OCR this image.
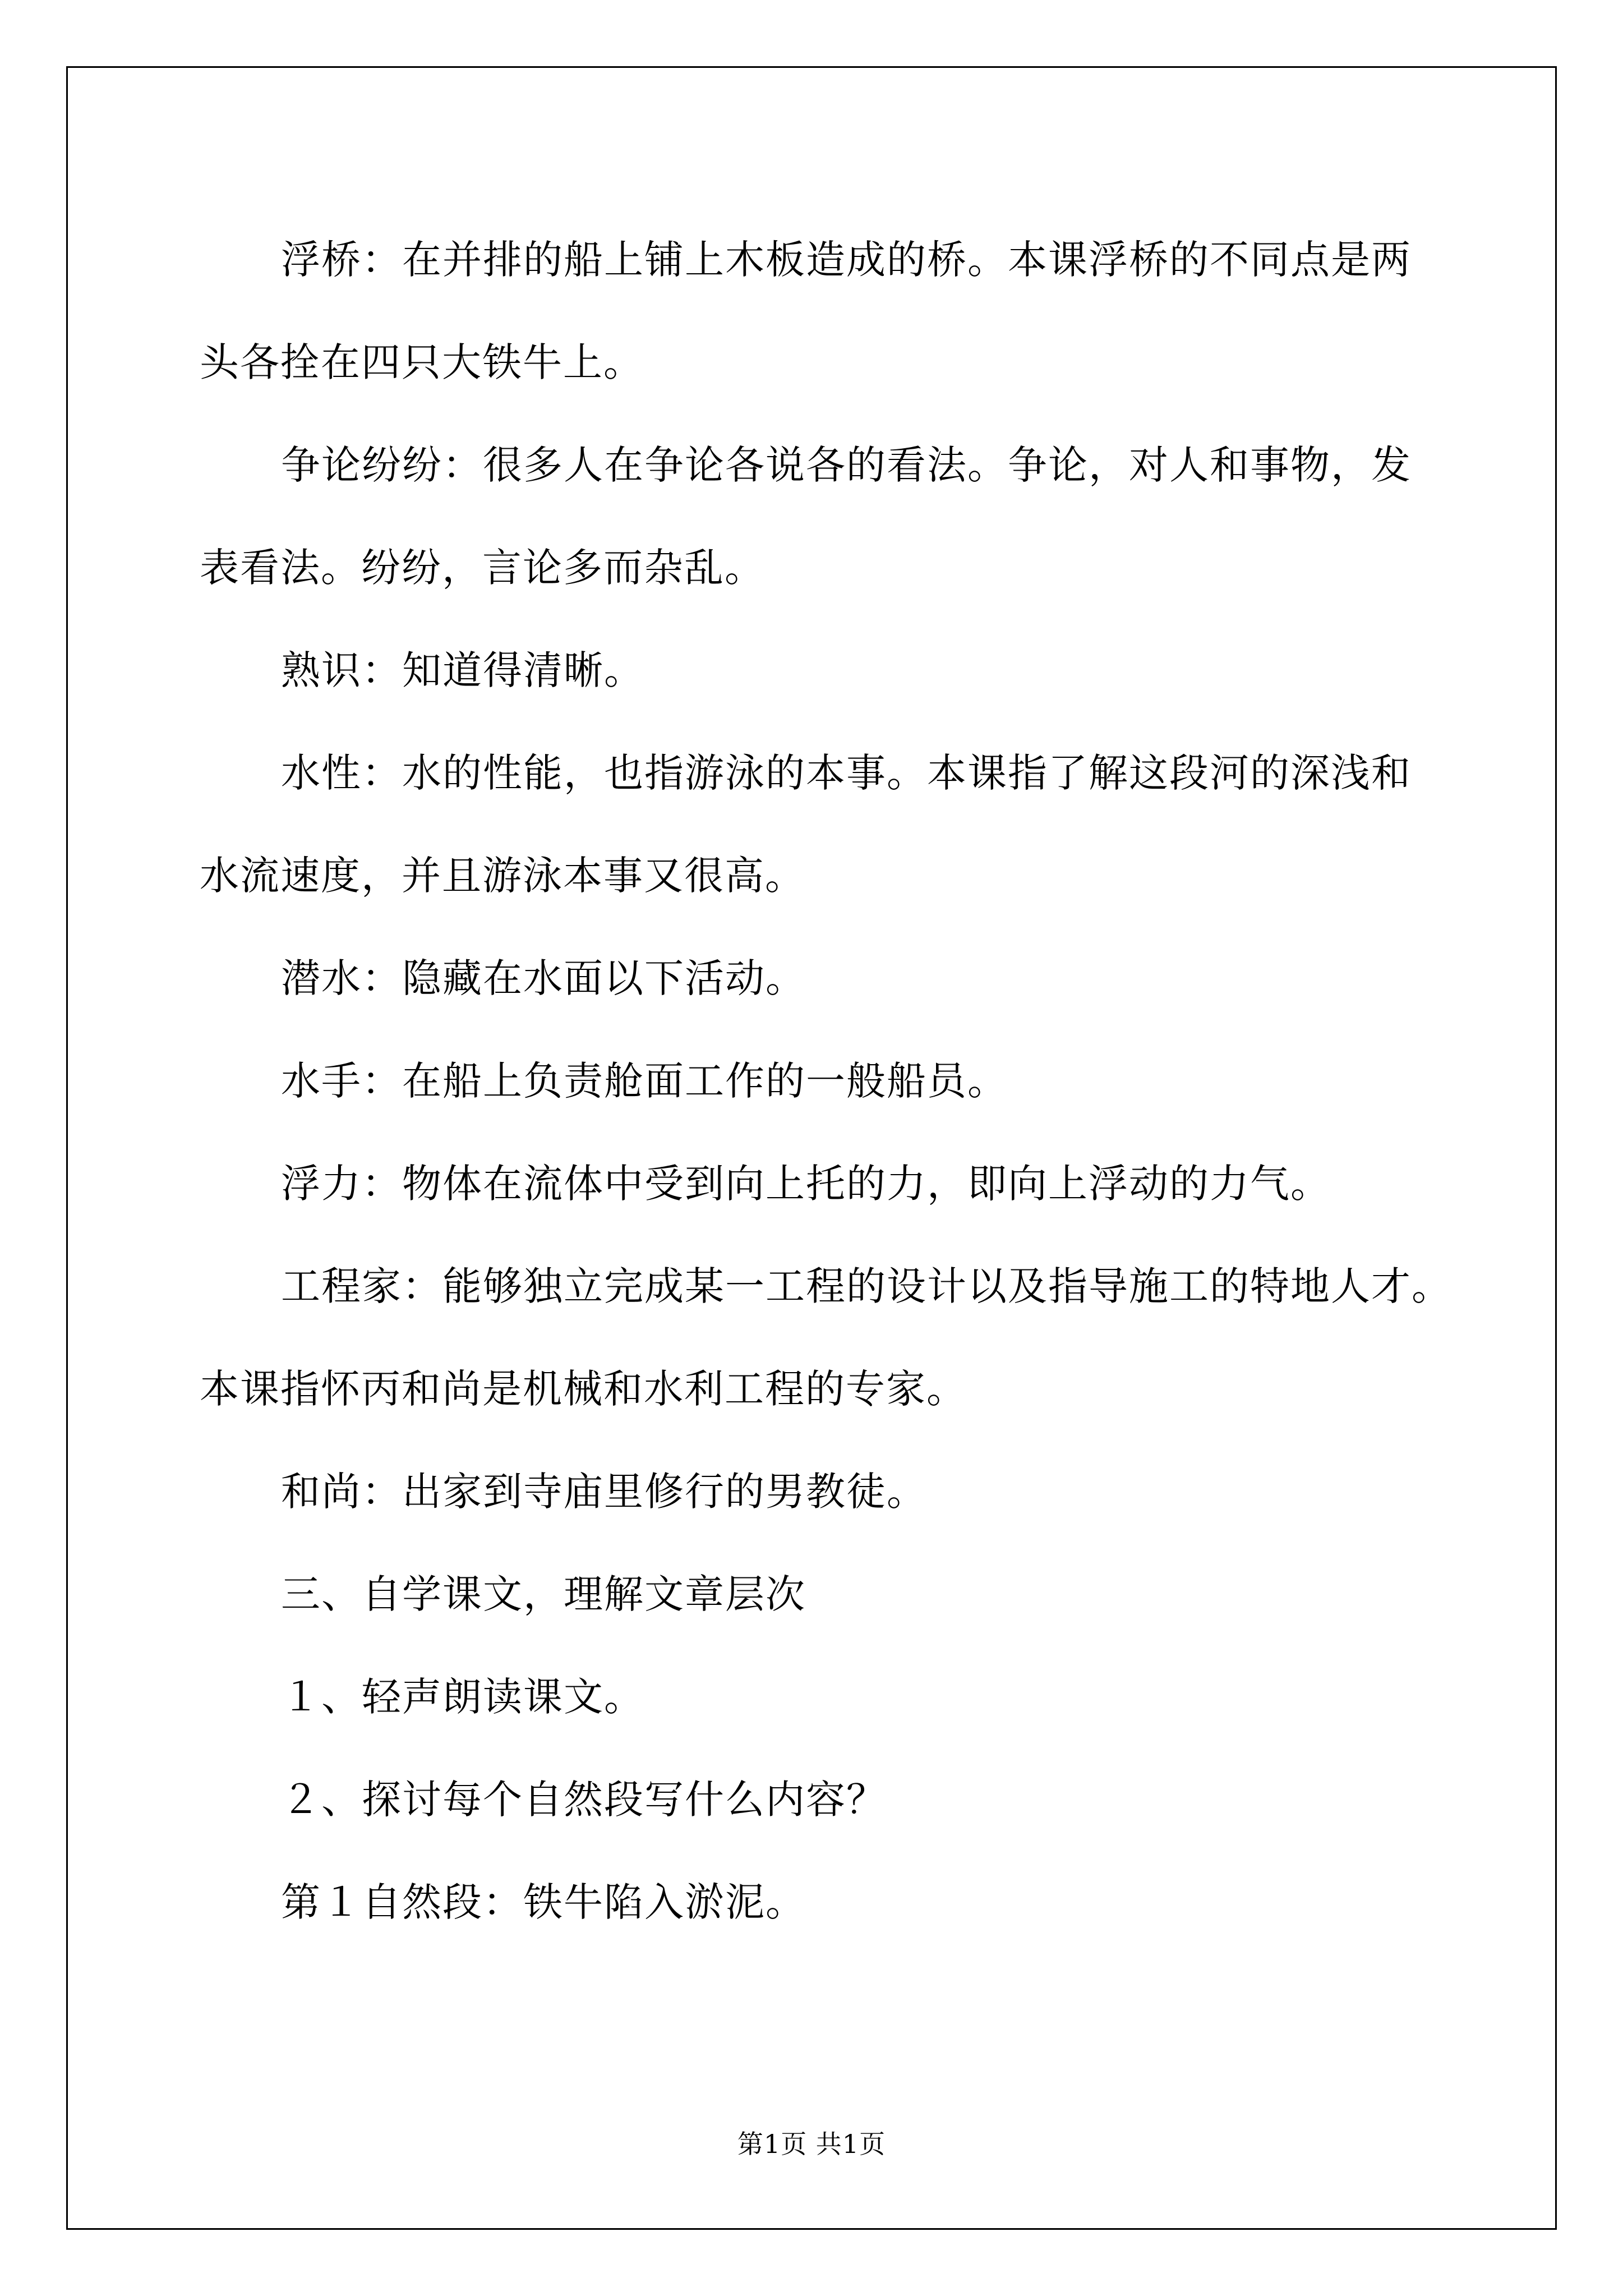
浮桥：在并排的船上铺上木板造成的桥。本课浮桥的不同点是两
头各拴在四只大铁牛上。

争论纷纷：很多人在争论各说各的看法。争论，对人和事物，发
表看法。纷纷，言论多而杂乱。

熟识：知道得清晰。

水性：水的性能，也指游泳的本事。本课指了解这段河的深浅和
水流速度，并且游泳本事又很高。

潜水：隐藏在水面以下活动。

水手：在船上负责舱面工作的一般船员。

浮力：物体在流体中受到向上托的力，即向上浮动的力气。

工程家：能够独立完成某一工程的设计以及指导施工的特地人才。
本课指怀丙和尚是机械和水利工程的专家。

和尚：出家到寺庙里修行的男教徒。

三、自学课文，理解文章层次

１、轻声朗读课文。

２、探讨每个自然段写什么内容？

第１自然段：铁牛陷入淤泥。

第1页 共1页
